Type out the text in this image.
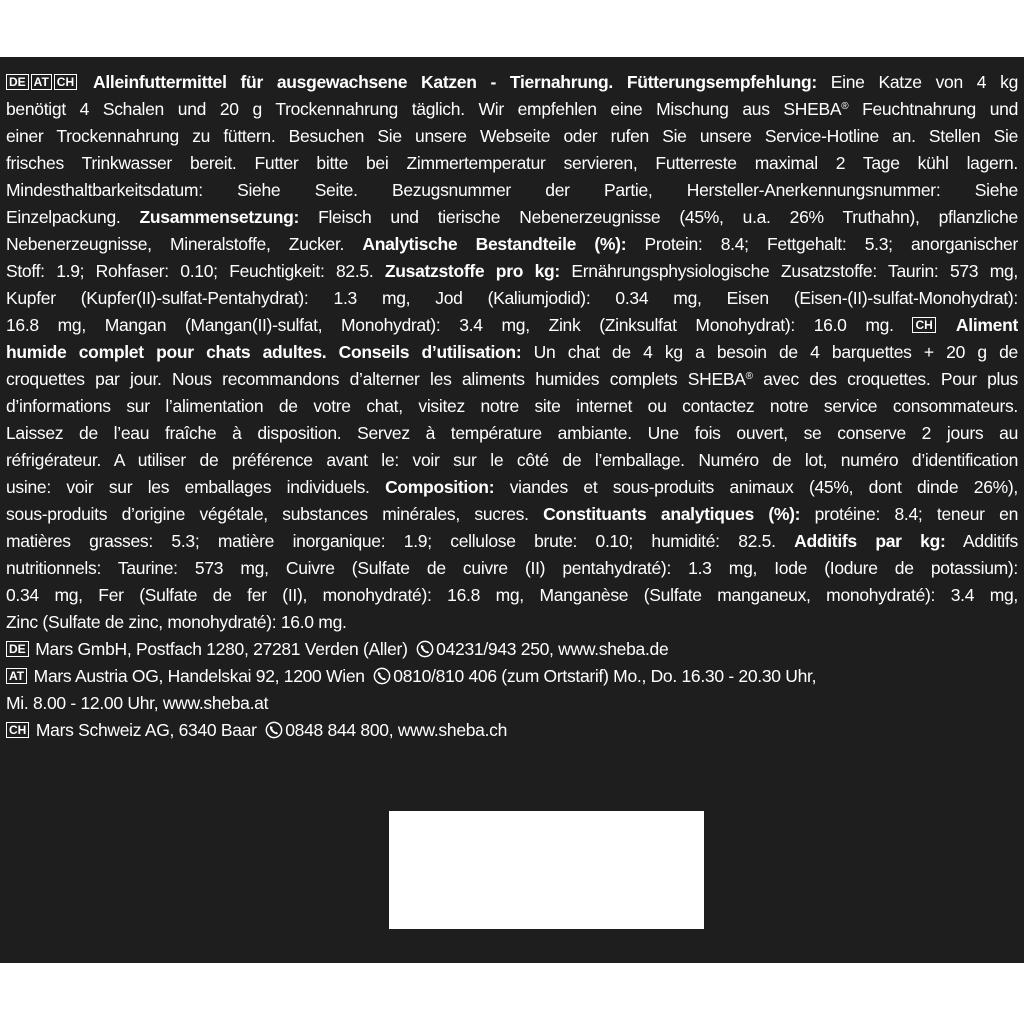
DE AT CH Alleinfuttermittel für ausgewachsene Katzen - Tiernahrung. Fütterungsempfehlung: Eine Katze von 4 kg
benötigt 4 Schalen und 20 g Trockennahrung täglich. Wir empfehlen eine Mischung aus SHEBA® Feuchtnahrung und
einer Trockennahrung zu füttern. Besuchen Sie unsere Webseite oder rufen Sie unsere Service-Hotline an. Stellen Sie
frisches Trinkwasser bereit. Futter bitte bei Zimmertemperatur servieren, Futterreste maximal 2 Tage kühl lagern.
Mindesthaltbarkeitsdatum: Siehe Seite. Bezugsnummer der Partie, Hersteller-Anerkennungsnummer: Siehe
Einzelpackung. Zusammensetzung: Fleisch und tierische Nebenerzeugnisse (45%, u.a. 26% Truthahn), pflanzliche
Nebenerzeugnisse, Mineralstoffe, Zucker. Analytische Bestandteile (%): Protein: 8.4; Fettgehalt: 5.3; anorganischer
Stoff: 1.9; Rohfaser: 0.10; Feuchtigkeit: 82.5. Zusatzstoffe pro kg: Ernährungsphysiologische Zusatzstoffe: Taurin: 573 mg,
Kupfer (Kupfer(II)-sulfat-Pentahydrat): 1.3 mg, Jod (Kaliumjodid): 0.34 mg, Eisen (Eisen-(II)-sulfat-Monohydrat):
16.8 mg, Mangan (Mangan(II)-sulfat, Monohydrat): 3.4 mg, Zink (Zinksulfat Monohydrat): 16.0 mg. CH Aliment
humide complet pour chats adultes. Conseils d’utilisation: Un chat de 4 kg a besoin de 4 barquettes + 20 g de
croquettes par jour. Nous recommandons d’alterner les aliments humides complets SHEBA® avec des croquettes. Pour plus
d’informations sur l’alimentation de votre chat, visitez notre site internet ou contactez notre service consommateurs.
Laissez de l’eau fraîche à disposition. Servez à température ambiante. Une fois ouvert, se conserve 2 jours au
réfrigérateur. A utiliser de préférence avant le: voir sur le côté de l’emballage. Numéro de lot, numéro d’identification
usine: voir sur les emballages individuels. Composition: viandes et sous-produits animaux (45%, dont dinde 26%),
sous-produits d’origine végétale, substances minérales, sucres. Constituants analytiques (%): protéine: 8.4; teneur en
matières grasses: 5.3; matière inorganique: 1.9; cellulose brute: 0.10; humidité: 82.5. Additifs par kg: Additifs
nutritionnels: Taurine: 573 mg, Cuivre (Sulfate de cuivre (II) pentahydraté): 1.3 mg, Iode (Iodure de potassium):
0.34 mg, Fer (Sulfate de fer (II), monohydraté): 16.8 mg, Manganèse (Sulfate manganeux, monohydraté): 3.4 mg,
Zinc (Sulfate de zinc, monohydraté): 16.0 mg.
DE Mars GmbH, Postfach 1280, 27281 Verden (Aller) 04231/943 250, www.sheba.de
AT Mars Austria OG, Handelskai 92, 1200 Wien 0810/810 406 (zum Ortstarif) Mo., Do. 16.30 - 20.30 Uhr,
Mi. 8.00 - 12.00 Uhr, www.sheba.at
CH Mars Schweiz AG, 6340 Baar 0848 844 800, www.sheba.ch
